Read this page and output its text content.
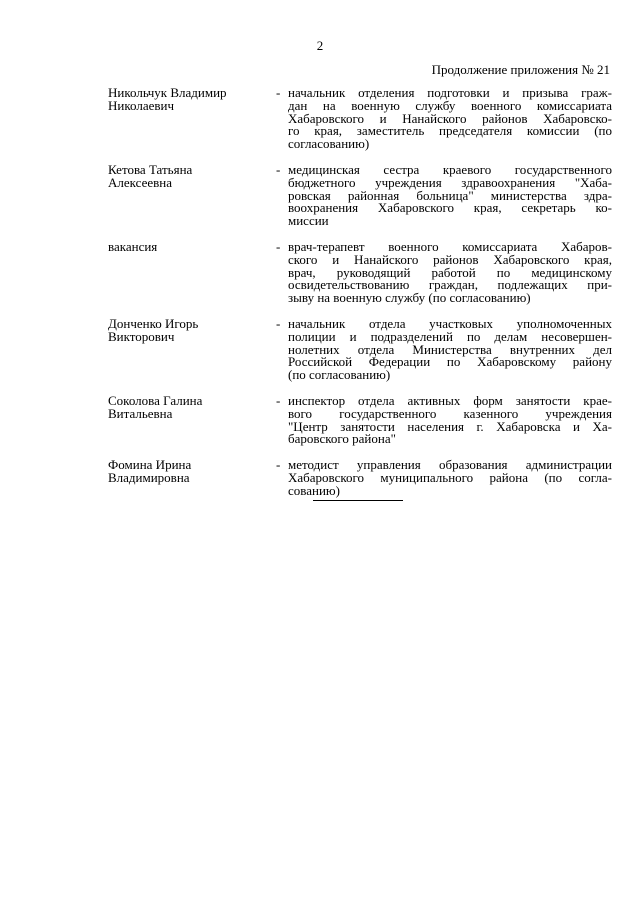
2
Продолжение приложения № 21
Никольчук Владимир
Николаевич
- начальник отделения подготовки и призыва граж-
дан на военную службу военного комиссариата
Хабаровского и Нанайского районов Хабаровско-
го края, заместитель председателя комиссии (по
согласованию)
Кетова Татьяна
Алексеевна
- медицинская сестра краевого государственного
бюджетного учреждения здравоохранения "Хаба-
ровская районная больница" министерства здра-
воохранения Хабаровского края, секретарь ко-
миссии
вакансия	- врач-терапевт военного комиссариата Хабаров-
ского и Нанайского районов Хабаровского края,
врач, руководящий работой по медицинскому
освидетельствованию граждан, подлежащих при-
зыву на военную службу (по согласованию)
Донченко Игорь
Викторович
- начальник отдела участковых уполномоченных
полиции и подразделений по делам несовершен-
нолетних отдела Министерства внутренних дел
Российской Федерации по Хабаровскому району
(по согласованию)
Соколова Галина
Витальевна
- инспектор отдела активных форм занятости крае-
вого государственного казенного учреждения
"Центр занятости населения г. Хабаровска и Ха-
баровского района"
Фомина Ирина
Владимировна
- методист управления образования администрации
Хабаровского муниципального района (по согла-
сованию)
